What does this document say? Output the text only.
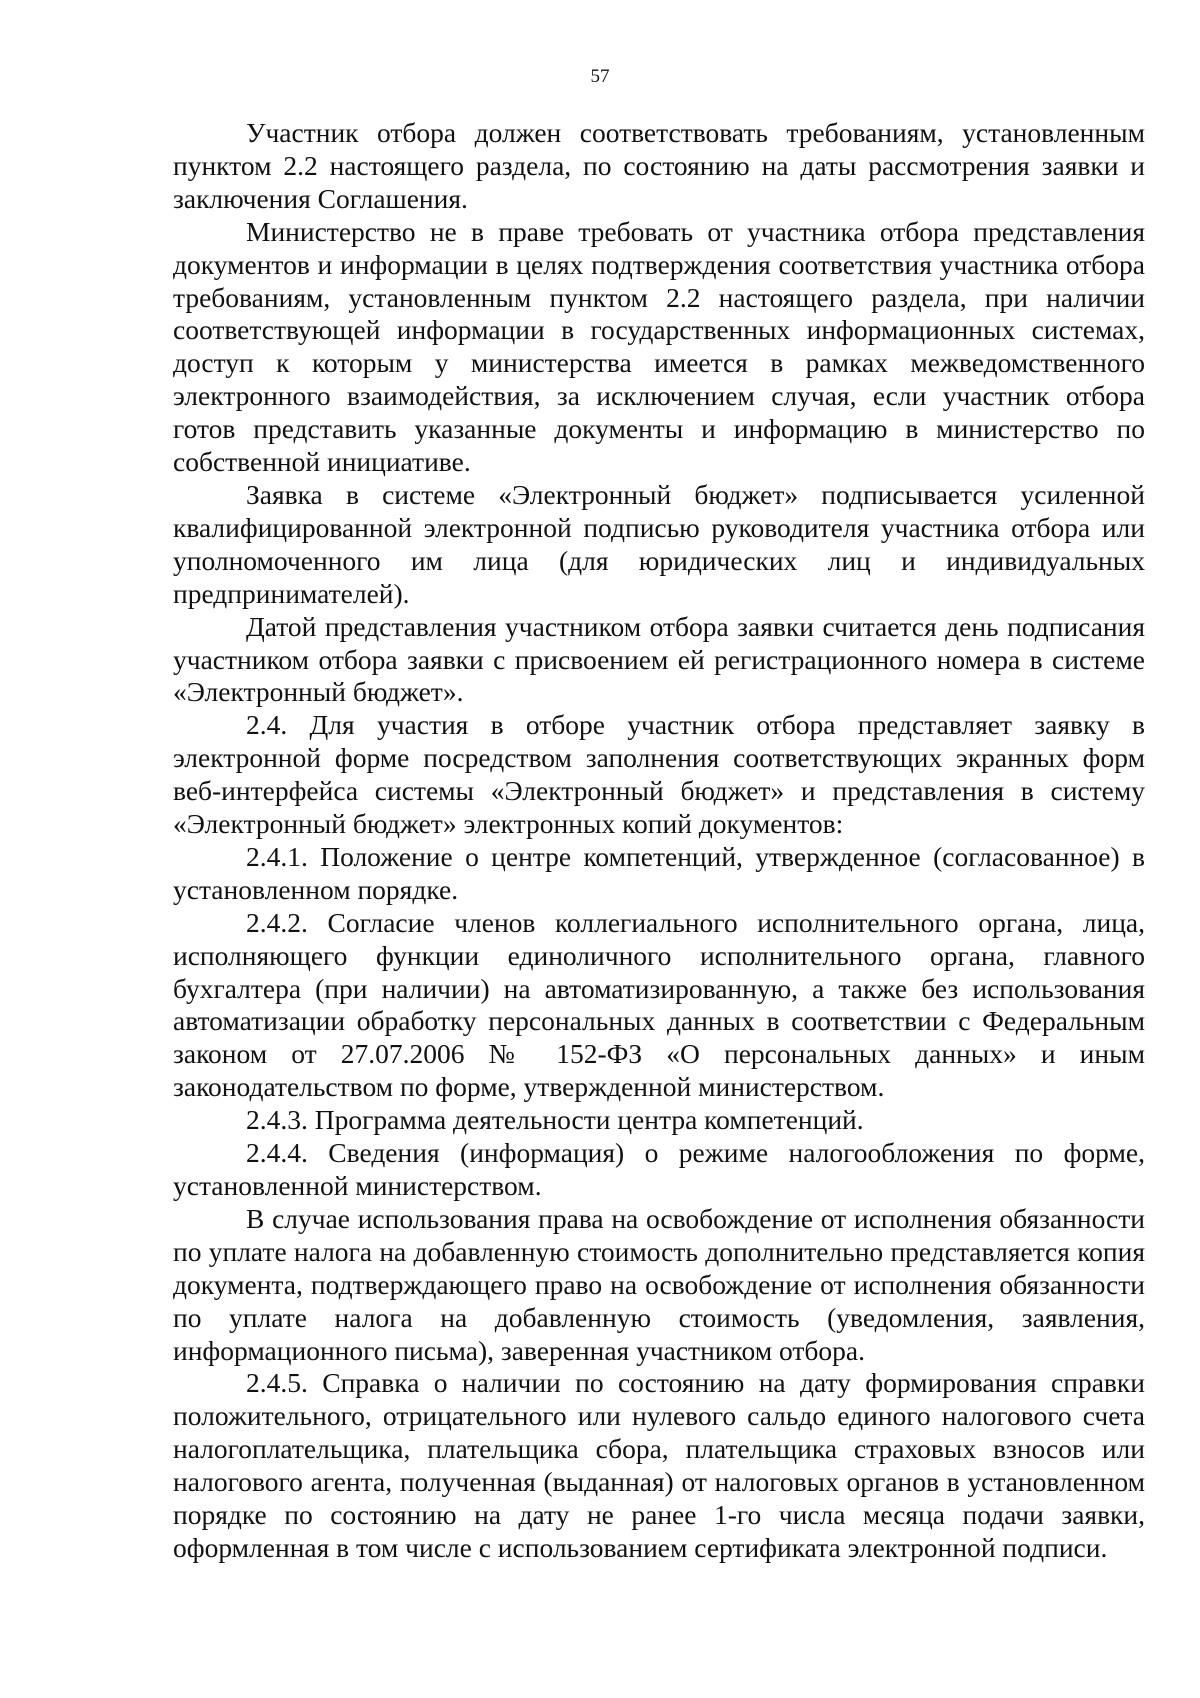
57

Участник отбора должен соответствовать требованиям, установленным пунктом 2.2 настоящего раздела, по состоянию на даты рассмотрения заявки и заключения Соглашения.

Министерство не в праве требовать от участника отбора представления документов и информации в целях подтверждения соответствия участника отбора требованиям, установленным пунктом 2.2 настоящего раздела, при наличии соответствующей информации в государственных информационных системах, доступ к которым у министерства имеется в рамках межведомственного электронного взаимодействия, за исключением случая, если участник отбора готов представить указанные документы и информацию в министерство по собственной инициативе.

Заявка в системе «Электронный бюджет» подписывается усиленной квалифицированной электронной подписью руководителя участника отбора или уполномоченного им лица (для юридических лиц и индивидуальных предпринимателей).

Датой представления участником отбора заявки считается день подписания участником отбора заявки с присвоением ей регистрационного номера в системе «Электронный бюджет».

2.4. Для участия в отборе участник отбора представляет заявку в электронной форме посредством заполнения соответствующих экранных форм веб-интерфейса системы «Электронный бюджет» и представления в систему «Электронный бюджет» электронных копий документов:

2.4.1. Положение о центре компетенций, утвержденное (согласованное) в установленном порядке.

2.4.2. Согласие членов коллегиального исполнительного органа, лица, исполняющего функции единоличного исполнительного органа, главного бухгалтера (при наличии) на автоматизированную, а также без использования автоматизации обработку персональных данных в соответствии с Федеральным законом от 27.07.2006 № 152-ФЗ «О персональных данных» и иным законодательством по форме, утвержденной министерством.

2.4.3. Программа деятельности центра компетенций.

2.4.4. Сведения (информация) о режиме налогообложения по форме, установленной министерством.

В случае использования права на освобождение от исполнения обязанности по уплате налога на добавленную стоимость дополнительно представляется копия документа, подтверждающего право на освобождение от исполнения обязанности по уплате налога на добавленную стоимость (уведомления, заявления, информационного письма), заверенная участником отбора.

2.4.5. Справка о наличии по состоянию на дату формирования справки положительного, отрицательного или нулевого сальдо единого налогового счета налогоплательщика, плательщика сбора, плательщика страховых взносов или налогового агента, полученная (выданная) от налоговых органов в установленном порядке по состоянию на дату не ранее 1-го числа месяца подачи заявки, оформленная в том числе с использованием сертификата электронной подписи.
